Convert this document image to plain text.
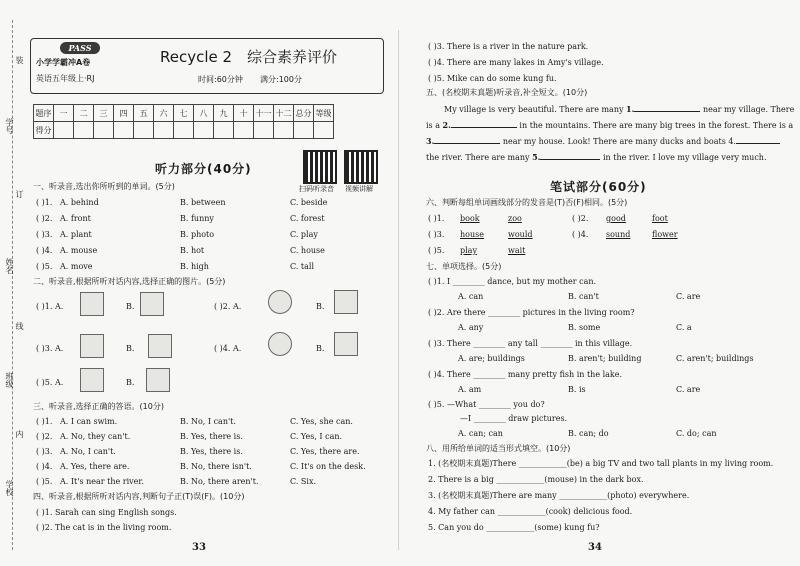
学号
姓名
班级
学校
装
订
线
内
PASS
小学学霸冲A卷
英语五年级上·RJ
Recycle 2　综合素养评价
时间:60分钟 满分:100分
题序	一	二	三	四	五	六	七	八	九	十	十一	十二	总分	等级
得分														
听力部分(40分)
扫码听录音 视频讲解
一、听录音,选出你所听到的单词。(5分)
( )1. A. behind	B. between	C. beside
( )2. A. front	B. funny	C. forest
( )3. A. plant	B. photo	C. play
( )4. A. mouse	B. hot	C. house
( )5. A. move	B. high	C. tall
二、听录音,根据所听对话内容,选择正确的图片。(5分)
( )1. A.	B.	( )2. A.	B.
( )3. A.	B.	( )4. A.	B.
( )5. A.	B.
三、听录音,选择正确的答语。(10分)
( )1. A. I can swim.	B. No, I can't.	C. Yes, she can.
( )2. A. No, they can't.	B. Yes, there is.	C. Yes, I can.
( )3. A. No, I can't.	B. Yes, there is.	C. Yes, there are.
( )4. A. Yes, there are.	B. No, there isn't.	C. It's on the desk.
( )5. A. It's near the river.	B. No, there aren't.	C. Six.
四、听录音,根据所听对话内容,判断句子正(T)误(F)。(10分)
( )1. Sarah can sing English songs.
( )2. The cat is in the living room.
33
( )3. There is a river in the nature park.
( )4. There are many lakes in Amy's village.
( )5. Mike can do some kung fu.
五、(名校期末真题)听录音,补全短文。(10分)
My village is very beautiful. There are many 1.	near my village. There
is a 2.	in the mountains. There are many big trees in the forest. There is a
3.	near my house. Look! There are many ducks and boats 4.
the river. There are many 5.	in the river. I love my village very much.
笔试部分(60分)
六、判断每组单词画线部分的发音是(T)否(F)相同。(5分)
( )1. book	zoo	( )2. good	foot
( )3. house	would	( )4. sound	flower
( )5. play	wait
七、单项选择。(5分)
( )1. I ________ dance, but my mother can.
A. can	B. can't	C. are
( )2. Are there ________ pictures in the living room?
A. any	B. some	C. a
( )3. There ________ any tall ________ in this village.
A. are; buildings	B. aren't; building	C. aren't; buildings
( )4. There ________ many pretty fish in the lake.
A. am	B. is	C. are
( )5. —What ________ you do?
—I ________ draw pictures.
A. can; can	B. can; do	C. do; can
八、用所给单词的适当形式填空。(10分)
1. (名校期末真题)There ____________(be) a big TV and two tall plants in my living room.
2. There is a big ____________(mouse) in the dark box.
3. (名校期末真题)There are many ____________(photo) everywhere.
4. My father can ____________(cook) delicious food.
5. Can you do ____________(some) kung fu?
34
